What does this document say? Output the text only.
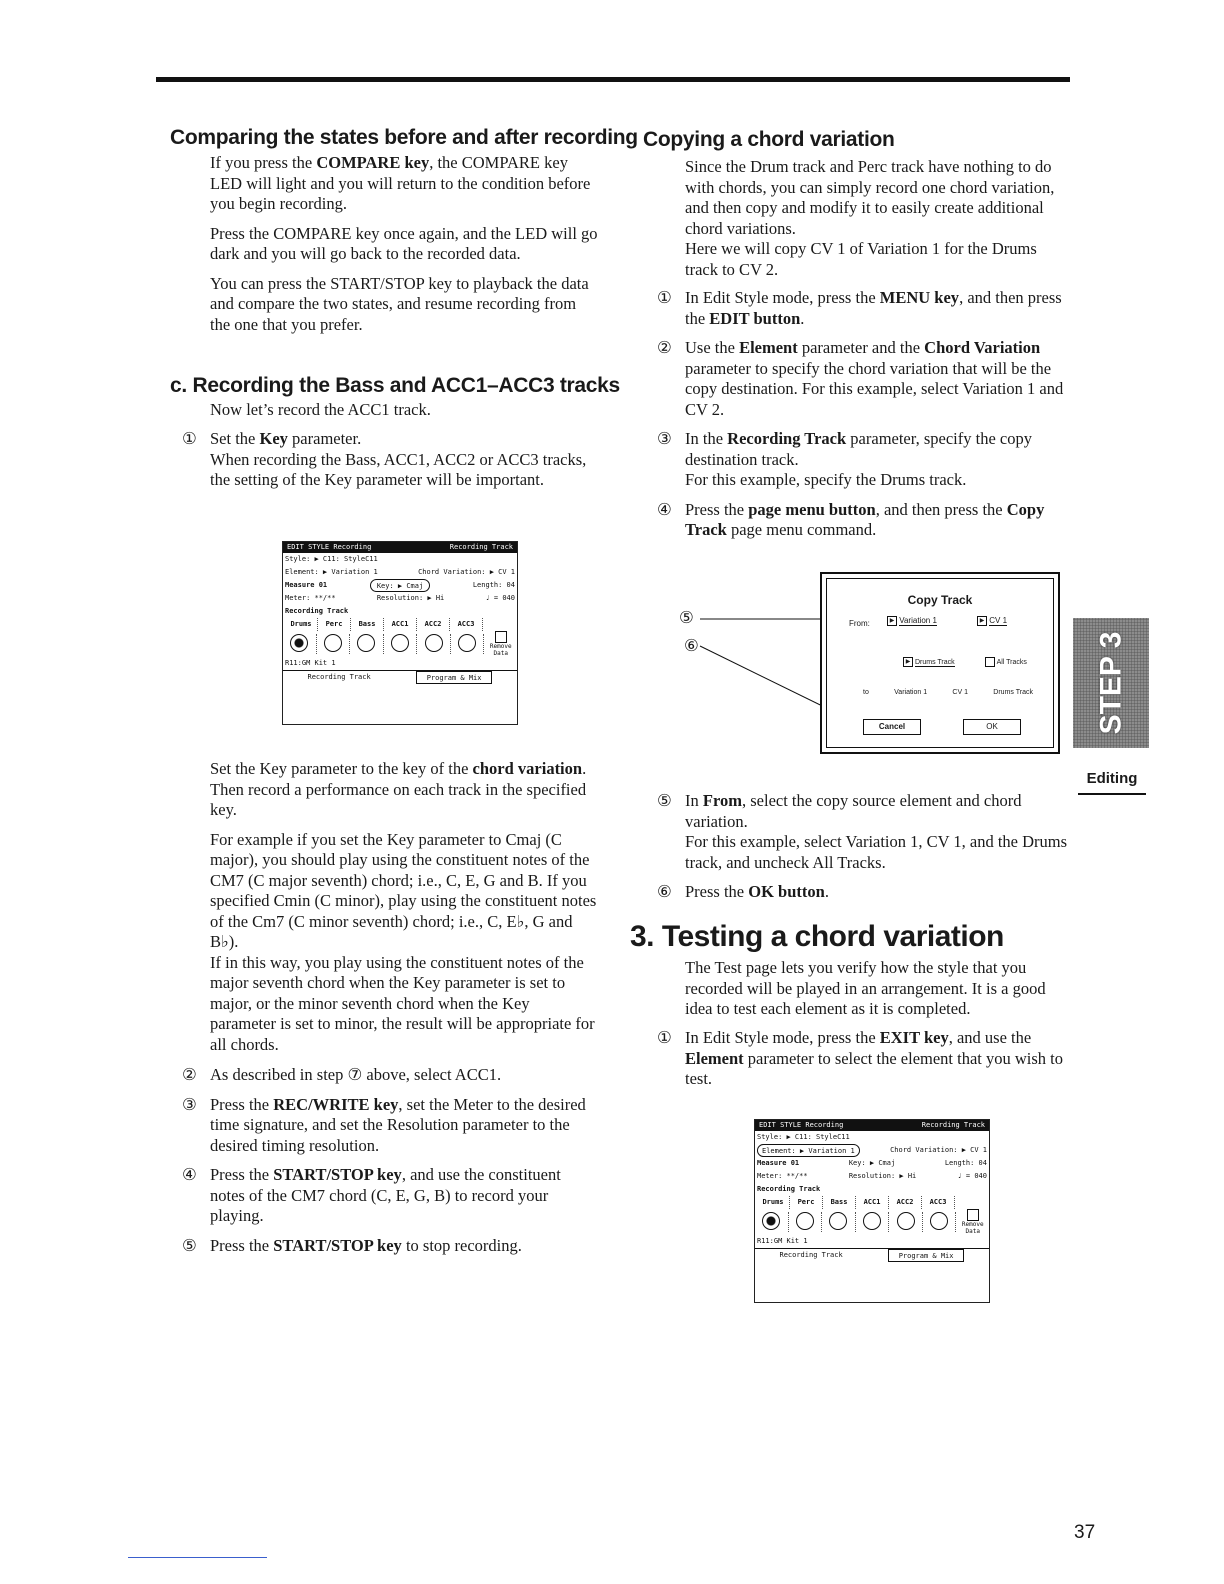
Comparing the states before and after recording

If you press the COMPARE key, the COMPARE key LED will light and you will return to the condition before you begin recording.

Press the COMPARE key once again, and the LED will go dark and you will go back to the recorded data.

You can press the START/STOP key to playback the data and compare the two states, and resume recording from the one that you prefer.

c. Recording the Bass and ACC1–ACC3 tracks
Now let’s record the ACC1 track.
① Set the Key parameter.
When recording the Bass, ACC1, ACC2 or ACC3 tracks, the setting of the Key parameter will be important.
EDIT STYLE Recording	Recording Track
Style: ▶ C11: StyleC11
Element: ▶ Variation 1	Chord Variation: ▶ CV 1
Measure 01	Key: ▶ Cmaj	Length: 04
Meter: **/**	Resolution: ▶ Hi	♩ = 040
Recording Track
Drums	Perc	Bass	ACC1	ACC2	ACC3

Remove Data
R11:GM Kit 1
Recording Track	Program & Mix

Set the Key parameter to the key of the chord variation. Then record a performance on each track in the specified key.

For example if you set the Key parameter to Cmaj (C major), you should play using the constituent notes of the CM7 (C major seventh) chord; i.e., C, E, G and B. If you specified Cmin (C minor), play using the constituent notes of the Cm7 (C minor seventh) chord; i.e., C, E♭, G and B♭).

If in this way, you play using the constituent notes of the major seventh chord when the Key parameter is set to major, or the minor seventh chord when the Key parameter is set to minor, the result will be appropriate for all chords.

② As described in step ⑦ above, select ACC1.
③ Press the REC/WRITE key, set the Meter to the desired time signature, and set the Resolution parameter to the desired timing resolution.
④ Press the START/STOP key, and use the constituent notes of the CM7 chord (C, E, G, B) to record your playing.
⑤ Press the START/STOP key to stop recording.
Copying a chord variation

Since the Drum track and Perc track have nothing to do with chords, you can simply record one chord variation, and then copy and modify it to easily create additional chord variations.

Here we will copy CV 1 of Variation 1 for the Drums track to CV 2.

① In Edit Style mode, press the MENU key, and then press the EDIT button.
② Use the Element parameter and the Chord Variation parameter to specify the chord variation that will be the copy destination. For this example, select Variation 1 and CV 2.
③ In the Recording Track parameter, specify the copy destination track.
For this example, specify the Drums track.
④ Press the page menu button, and then press the Copy Track page menu command.
⑤
⑥
Copy Track
From:	▶ Variation 1	▶ CV 1
▶ Drums Track	All Tracks
to	Variation 1	CV 1	Drums Track
Cancel	OK
⑤ In From, select the copy source element and chord variation.
For this example, select Variation 1, CV 1, and the Drums track, and uncheck All Tracks.
⑥ Press the OK button.
3. Testing a chord variation
The Test page lets you verify how the style that you recorded will be played in an arrangement. It is a good idea to test each element as it is completed.
① In Edit Style mode, press the EXIT key, and use the Element parameter to select the element that you wish to test.
EDIT STYLE Recording	Recording Track
Style: ▶ C11: StyleC11
Element: ▶ Variation 1	Chord Variation: ▶ CV 1
Measure 01	Key: ▶ Cmaj	Length: 04
Meter: **/**	Resolution: ▶ Hi	♩ = 040
Recording Track
Drums	Perc	Bass	ACC1	ACC2	ACC3

Remove Data
R11:GM Kit 1
Recording Track	Program & Mix
STEP 3
Editing
37
